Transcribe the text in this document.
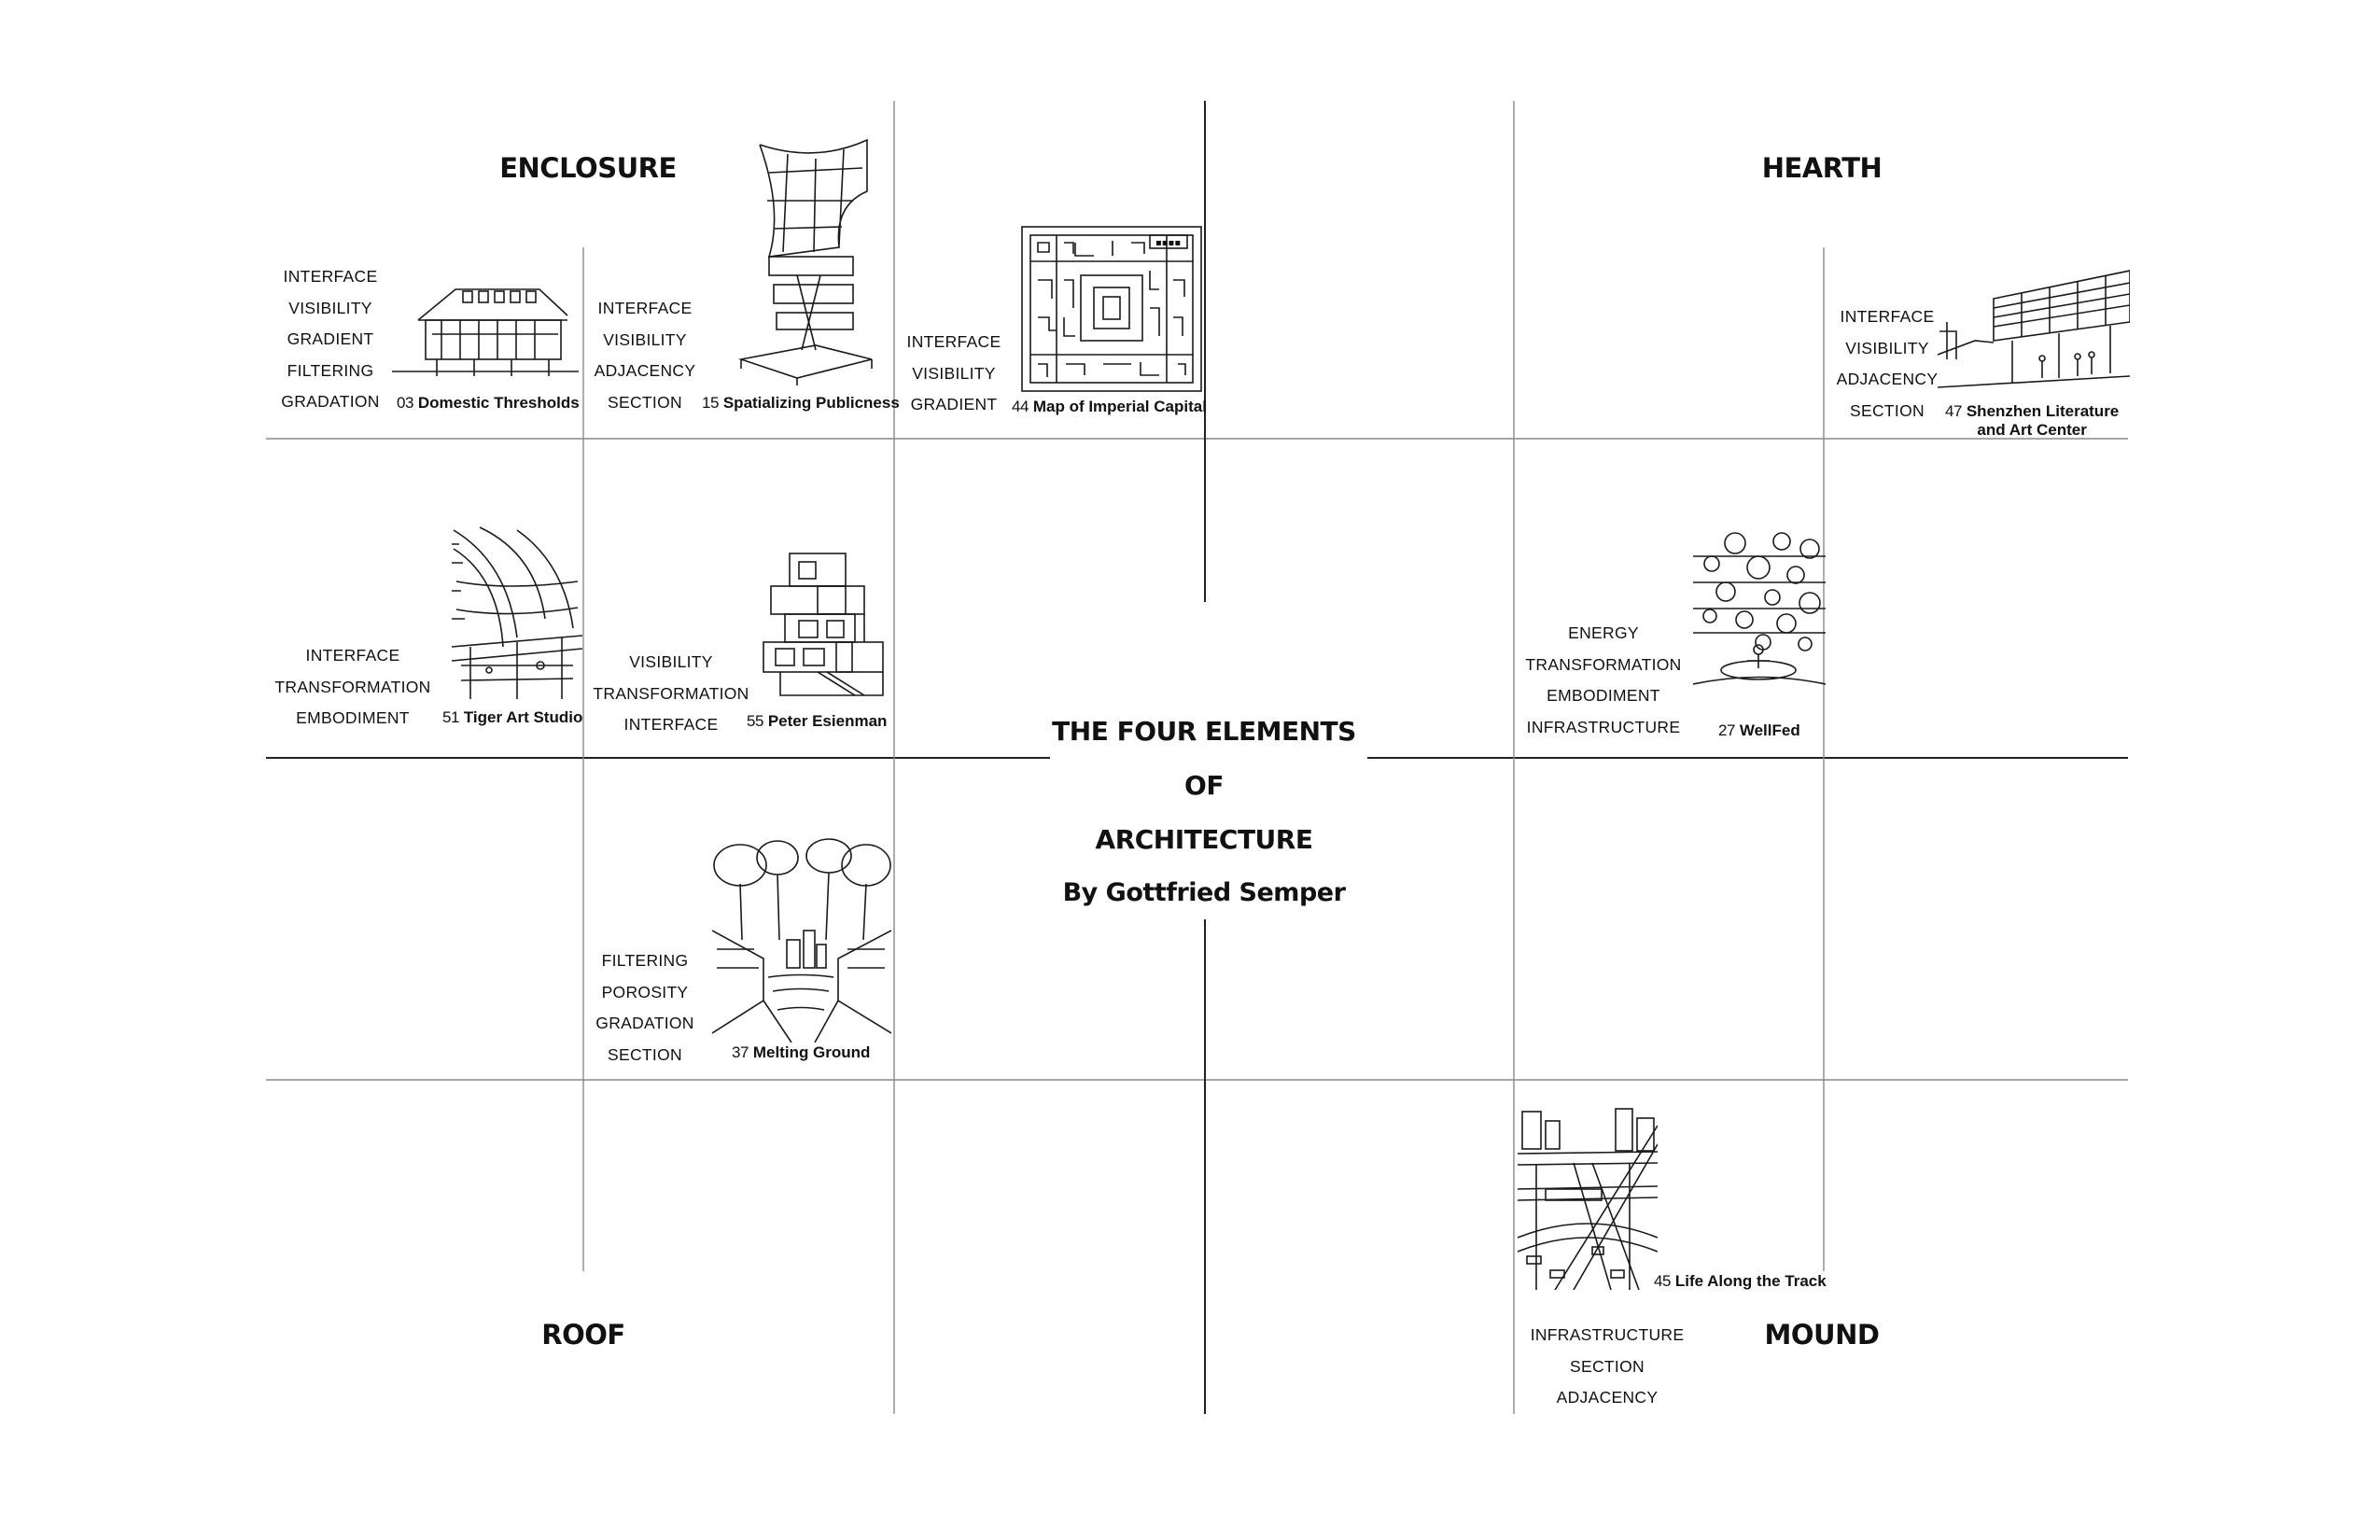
ENCLOSURE	HEARTH
ROOF	MOUND
THE FOUR ELEMENTS OF
ARCHITECTURE
By Gottfried Semper
INTERFACE
VISIBILITY
GRADIENT
FILTERING
GRADATION 03 Domestic Thresholds
INTERFACE
VISIBILITY
ADJACENCY
SECTION	15 Spatializing Publicness
INTERFACE
VISIBILITY
GRADIENT
▪▪▪▪
44 Map of Imperial Capital
INTERFACE
VISIBILITY
ADJACENCY
SECTION	47 Shenzhen Literature
and Art Center
INTERFACE
TRANSFORMATION
EMBODIMENT	51 Tiger Art Studio
VISIBILITY
TRANSFORMATION
INTERFACE	55 Peter Esienman
ENERGY
TRANSFORMATION
EMBODIMENT
INFRASTRUCTURE 27 WellFed
FILTERING
POROSITY
GRADATION
SECTION	37 Melting Ground
45 Life Along the Track
INFRASTRUCTURE
SECTION
ADJACENCY
